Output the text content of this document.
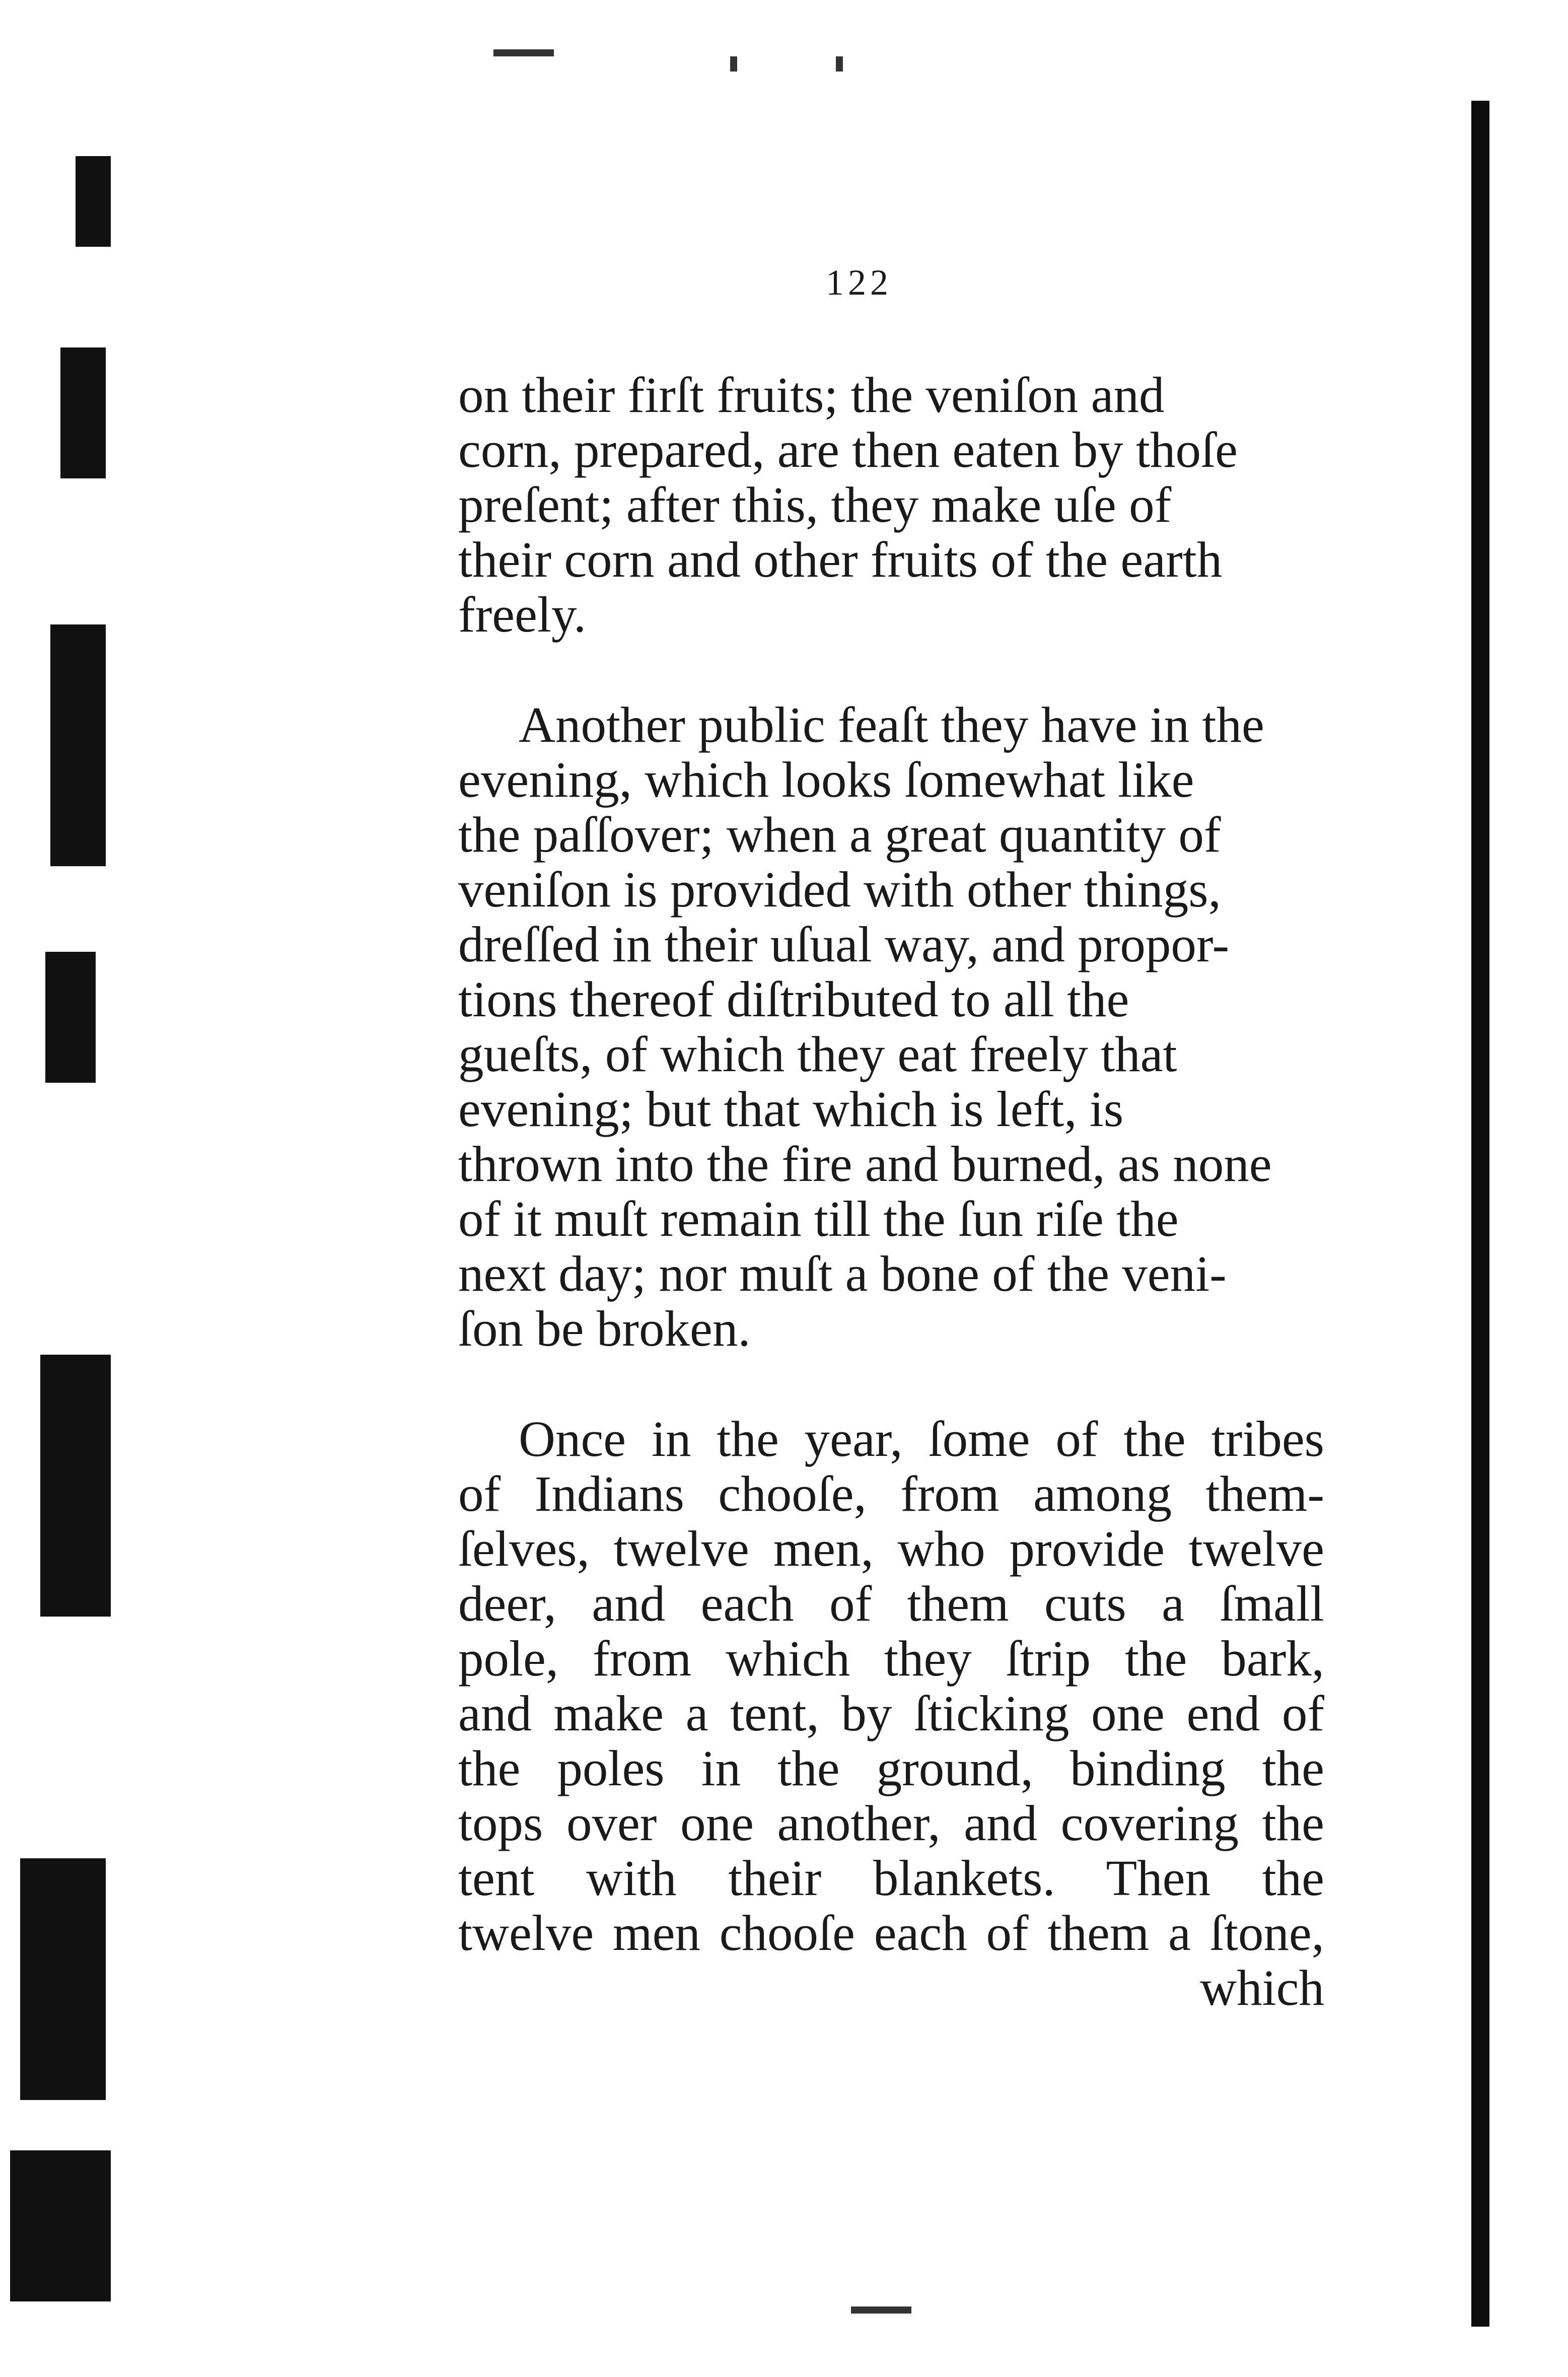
122

on their firſt fruits; the veniſon and
corn, prepared, are then eaten by thoſe
preſent; after this, they make uſe of
their corn and other fruits of the earth
freely.

Another public feaſt they have in the
evening, which looks ſomewhat like
the paſſover; when a great quantity of
veniſon is provided with other things,
dreſſed in their uſual way, and propor-
tions thereof diſtributed to all the
gueſts, of which they eat freely that
evening; but that which is left, is
thrown into the fire and burned, as none
of it muſt remain till the ſun riſe the
next day; nor muſt a bone of the veni-
ſon be broken.

Once in the year, ſome of the tribes
of Indians chooſe, from among them-
ſelves, twelve men, who provide twelve
deer, and each of them cuts a ſmall
pole, from which they ſtrip the bark,
and make a tent, by ſticking one end of
the poles in the ground, binding the
tops over one another, and covering the
tent with their blankets. Then the
twelve men chooſe each of them a ſtone,

which
